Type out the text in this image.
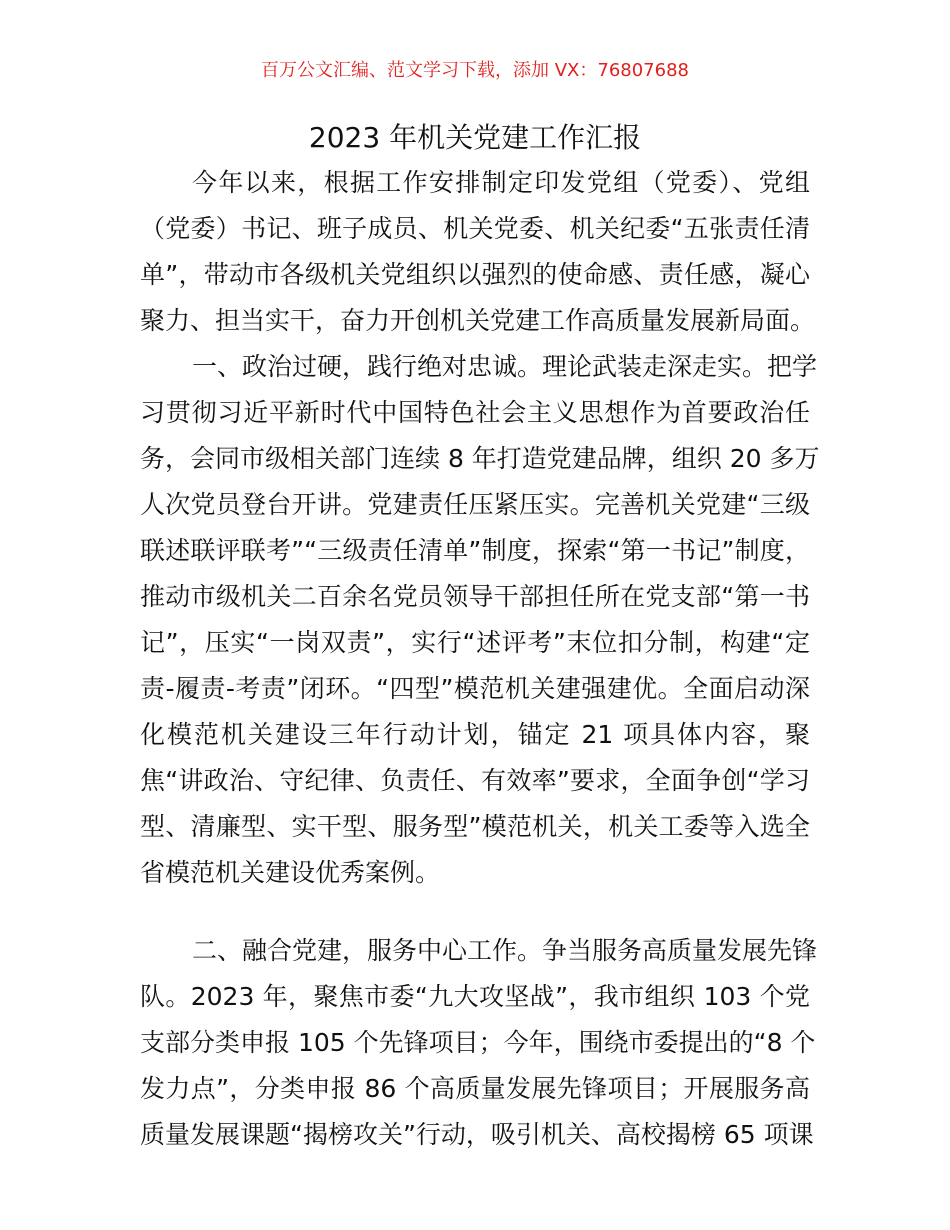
百万公文汇编、范文学习下载，添加 VX：76807688
2023 年机关党建工作汇报
今年以来，根据工作安排制定印发党组（党委）、党组
（党委）书记、班子成员、机关党委、机关纪委“五张责任清
单”，带动市各级机关党组织以强烈的使命感、责任感，凝心
聚力、担当实干，奋力开创机关党建工作高质量发展新局面。
一、政治过硬，践行绝对忠诚。理论武装走深走实。把学
习贯彻习近平新时代中国特色社会主义思想作为首要政治任
务，会同市级相关部门连续 8 年打造党建品牌，组织 20 多万
人次党员登台开讲。党建责任压紧压实。完善机关党建“三级
联述联评联考”“三级责任清单”制度，探索“第一书记”制度，
推动市级机关二百余名党员领导干部担任所在党支部“第一书
记”，压实“一岗双责”，实行“述评考”末位扣分制，构建“定
责-履责-考责”闭环。“四型”模范机关建强建优。全面启动深
化模范机关建设三年行动计划，锚定 21 项具体内容，聚
焦“讲政治、守纪律、负责任、有效率”要求，全面争创“学习
型、清廉型、实干型、服务型”模范机关，机关工委等入选全
省模范机关建设优秀案例。
二、融合党建，服务中心工作。争当服务高质量发展先锋
队。2023 年，聚焦市委“九大攻坚战”，我市组织 103 个党
支部分类申报 105 个先锋项目；今年，围绕市委提出的“8 个
发力点”，分类申报 86 个高质量发展先锋项目；开展服务高
质量发展课题“揭榜攻关”行动，吸引机关、高校揭榜 65 项课
